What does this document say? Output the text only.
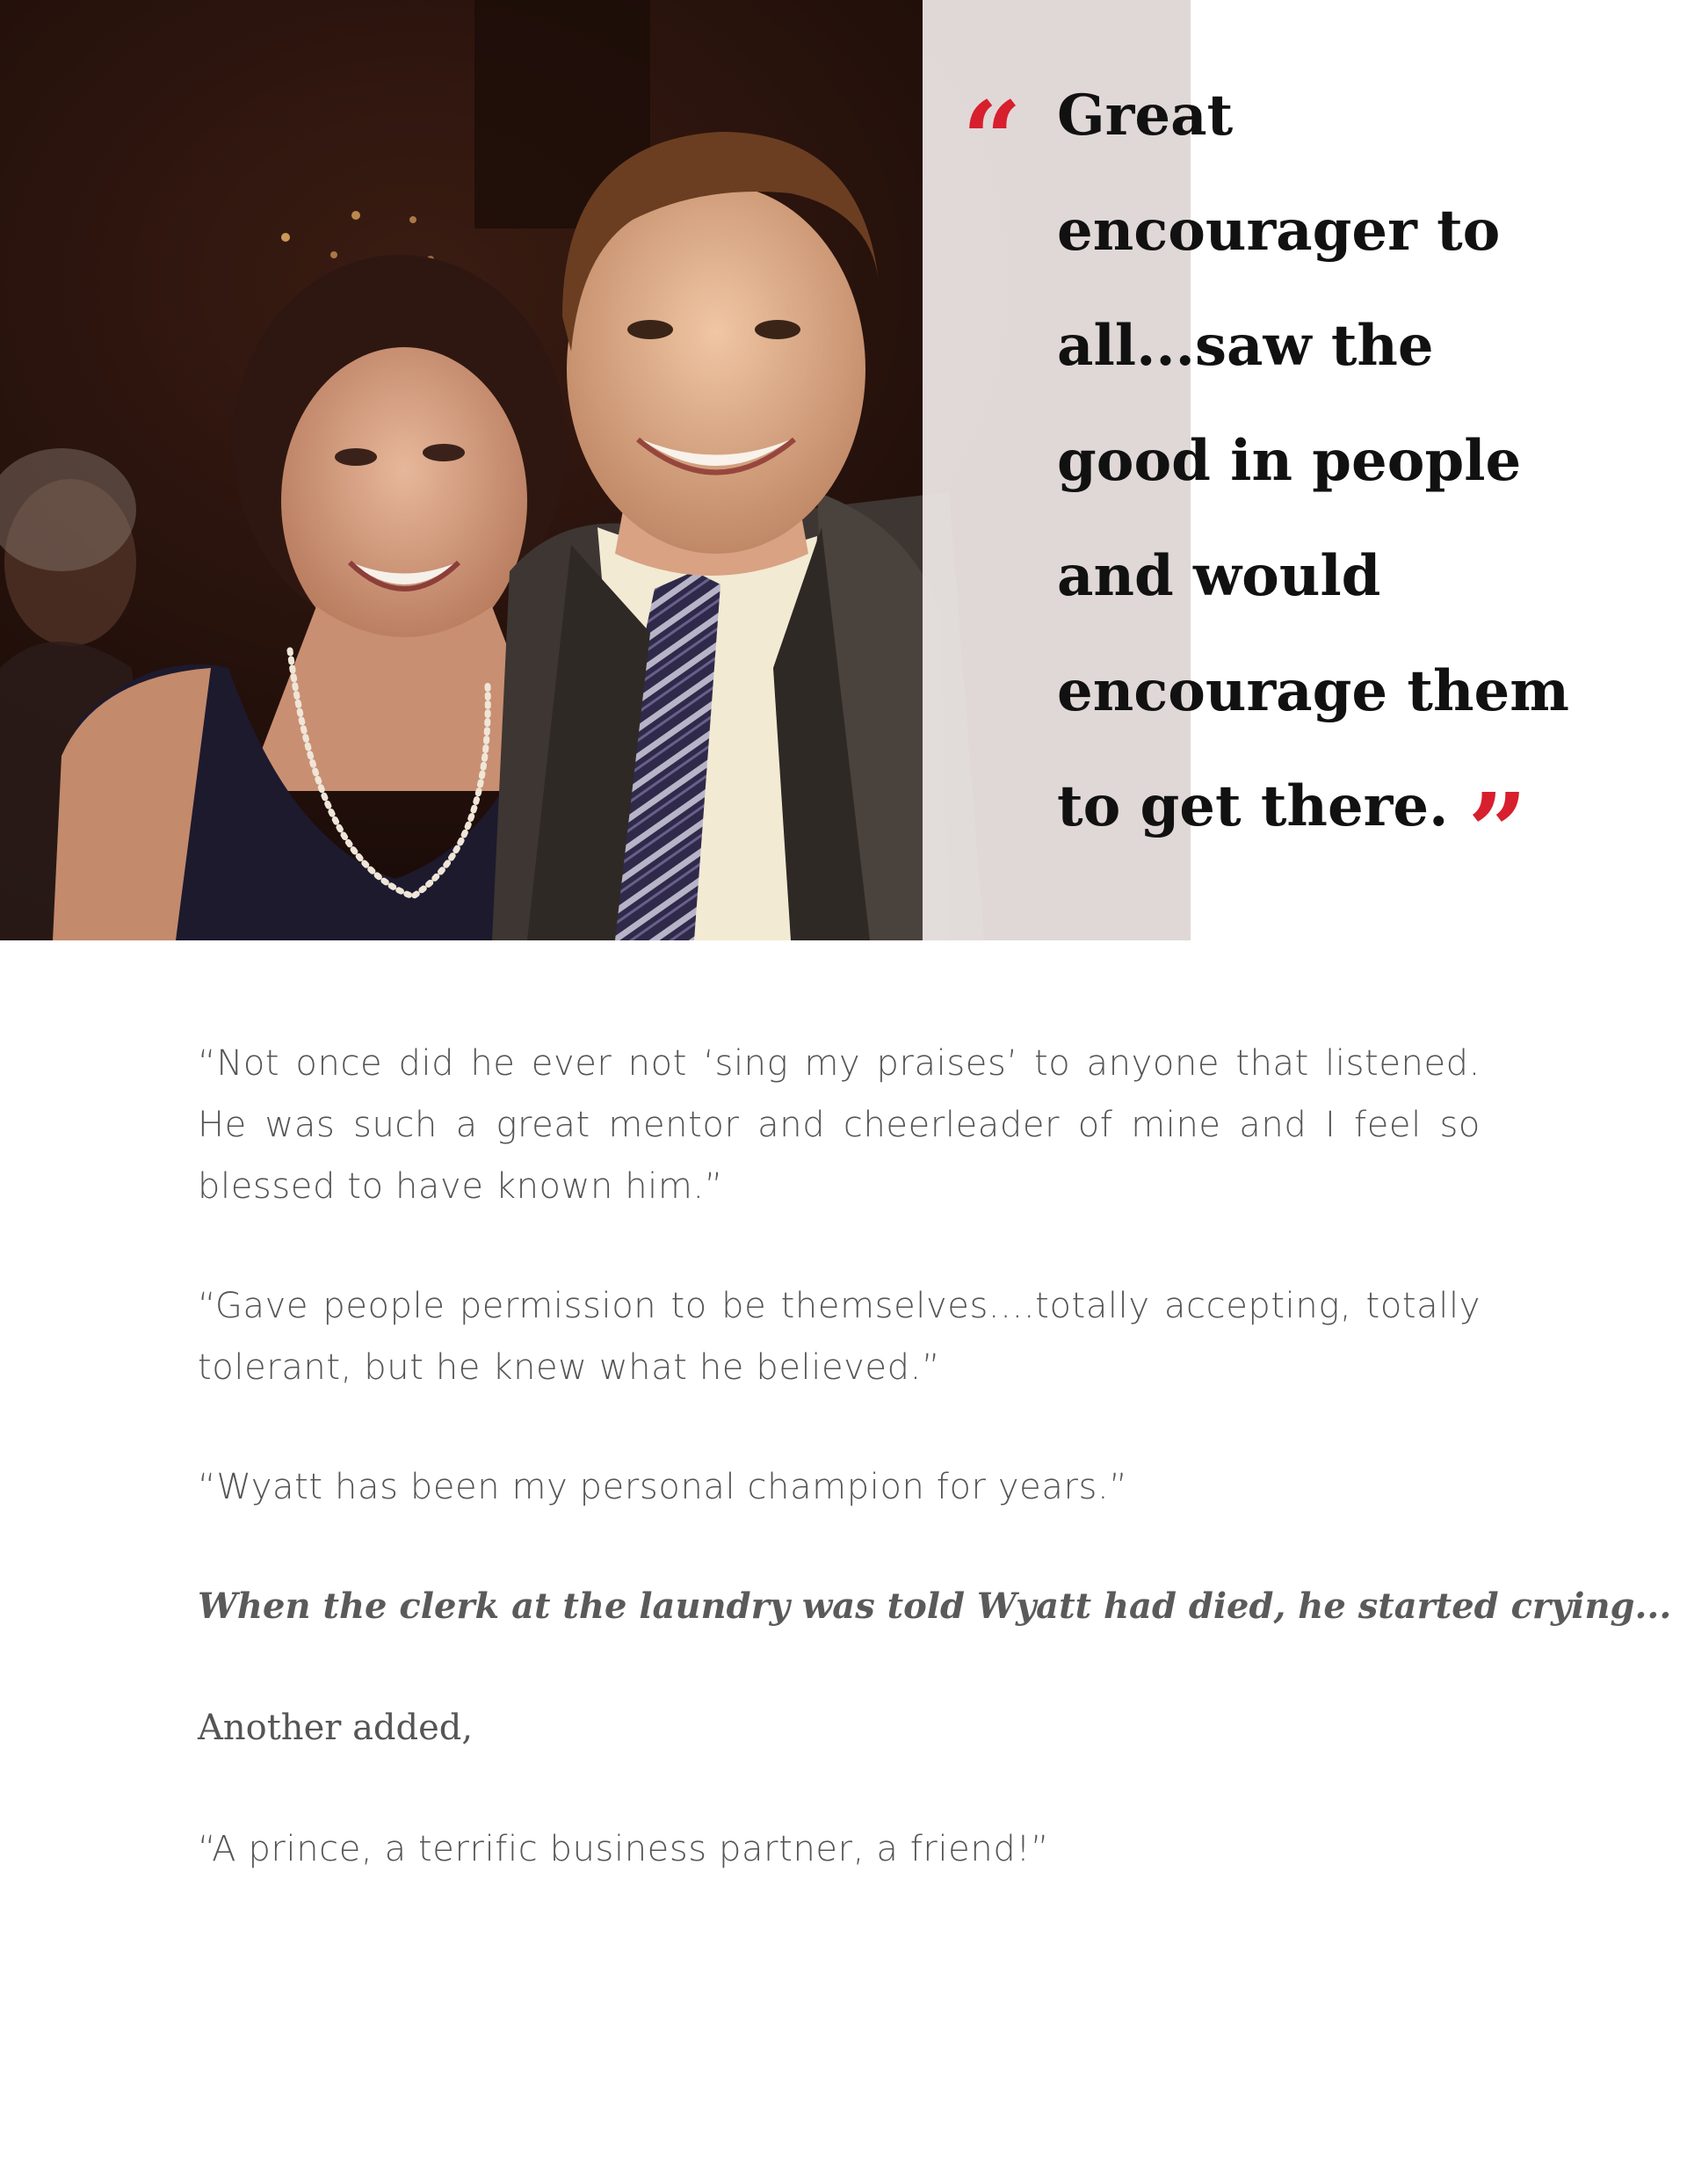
“ Great
encourager to
all...saw the
good in people
and would
encourage them
to get there. ”

“Not once did he ever not ‘sing my praises’ to anyone that listened. He was such a great mentor and cheerleader of mine and I feel so blessed to have known him.”

“Gave people permission to be themselves....totally accepting, totally tolerant, but he knew what he believed.”

“Wyatt has been my personal champion for years.”

When the clerk at the laundry was told Wyatt had died, he started crying...

Another added,

“A prince, a terrific business partner, a friend!”
